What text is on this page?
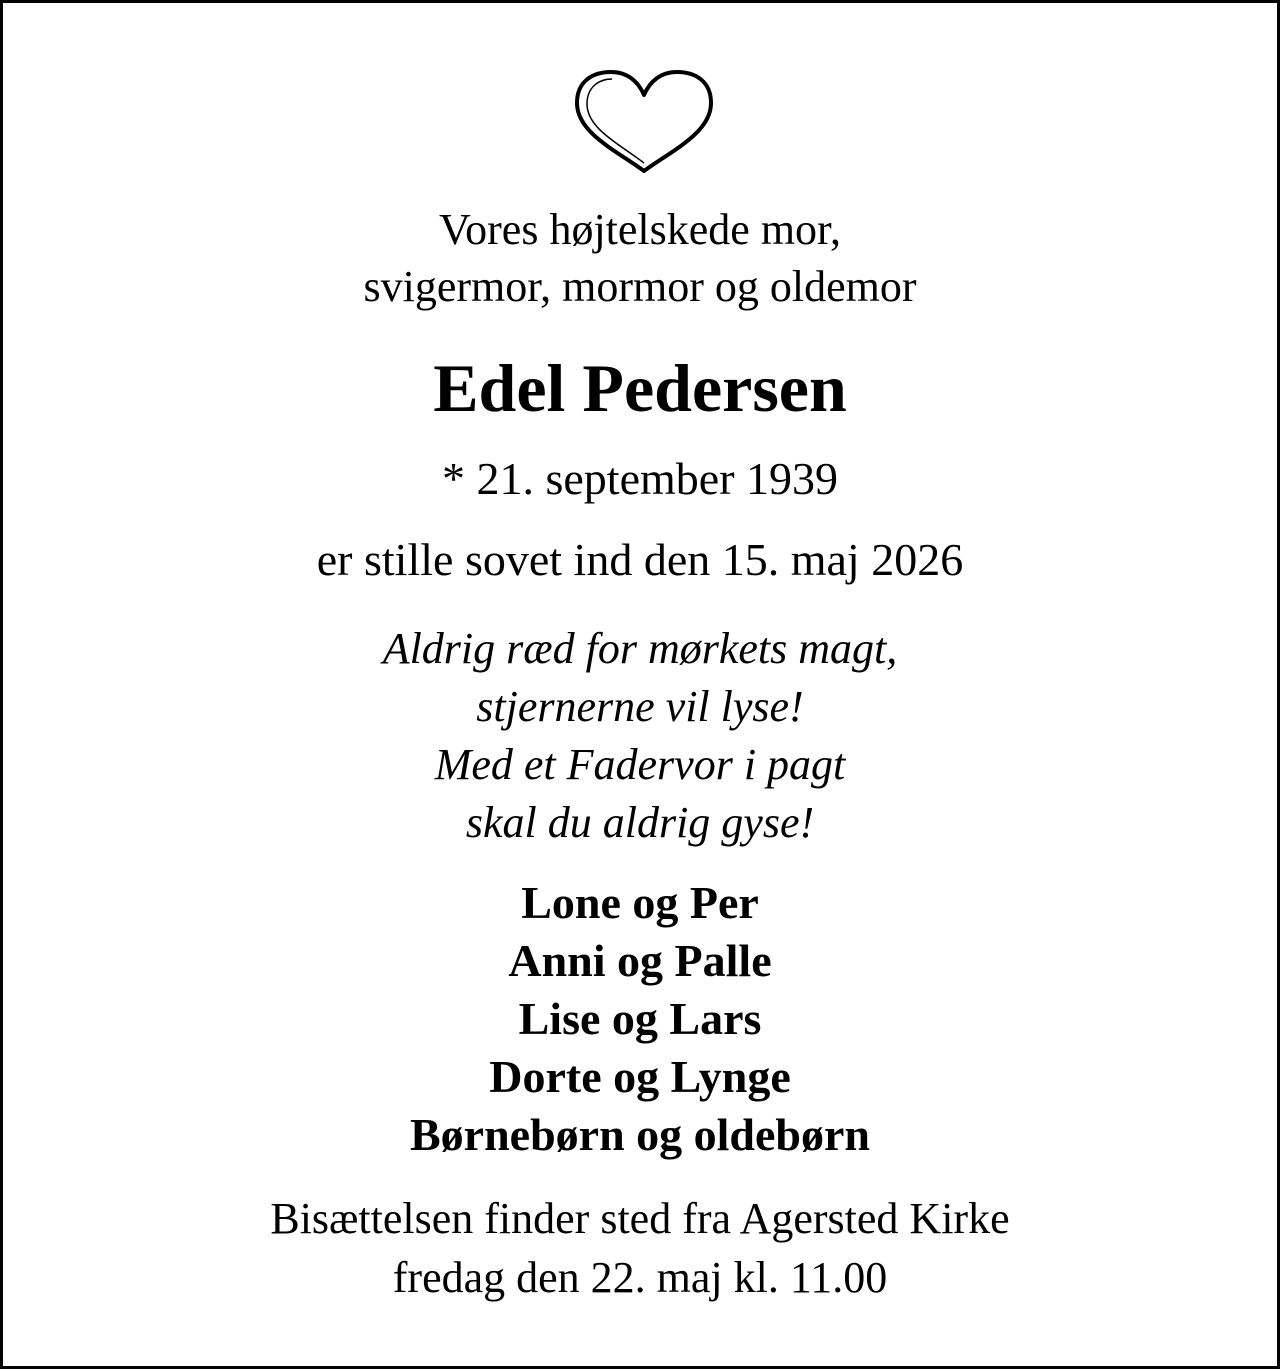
Vores højtelskede mor,
svigermor, mormor og oldemor
Edel Pedersen
* 21. september 1939
er stille sovet ind den 15. maj 2026
Aldrig ræd for mørkets magt,
stjernerne vil lyse!
Med et Fadervor i pagt
skal du aldrig gyse!
Lone og Per
Anni og Palle
Lise og Lars
Dorte og Lynge
Børnebørn og oldebørn
Bisættelsen finder sted fra Agersted Kirke
fredag den 22. maj kl. 11.00
